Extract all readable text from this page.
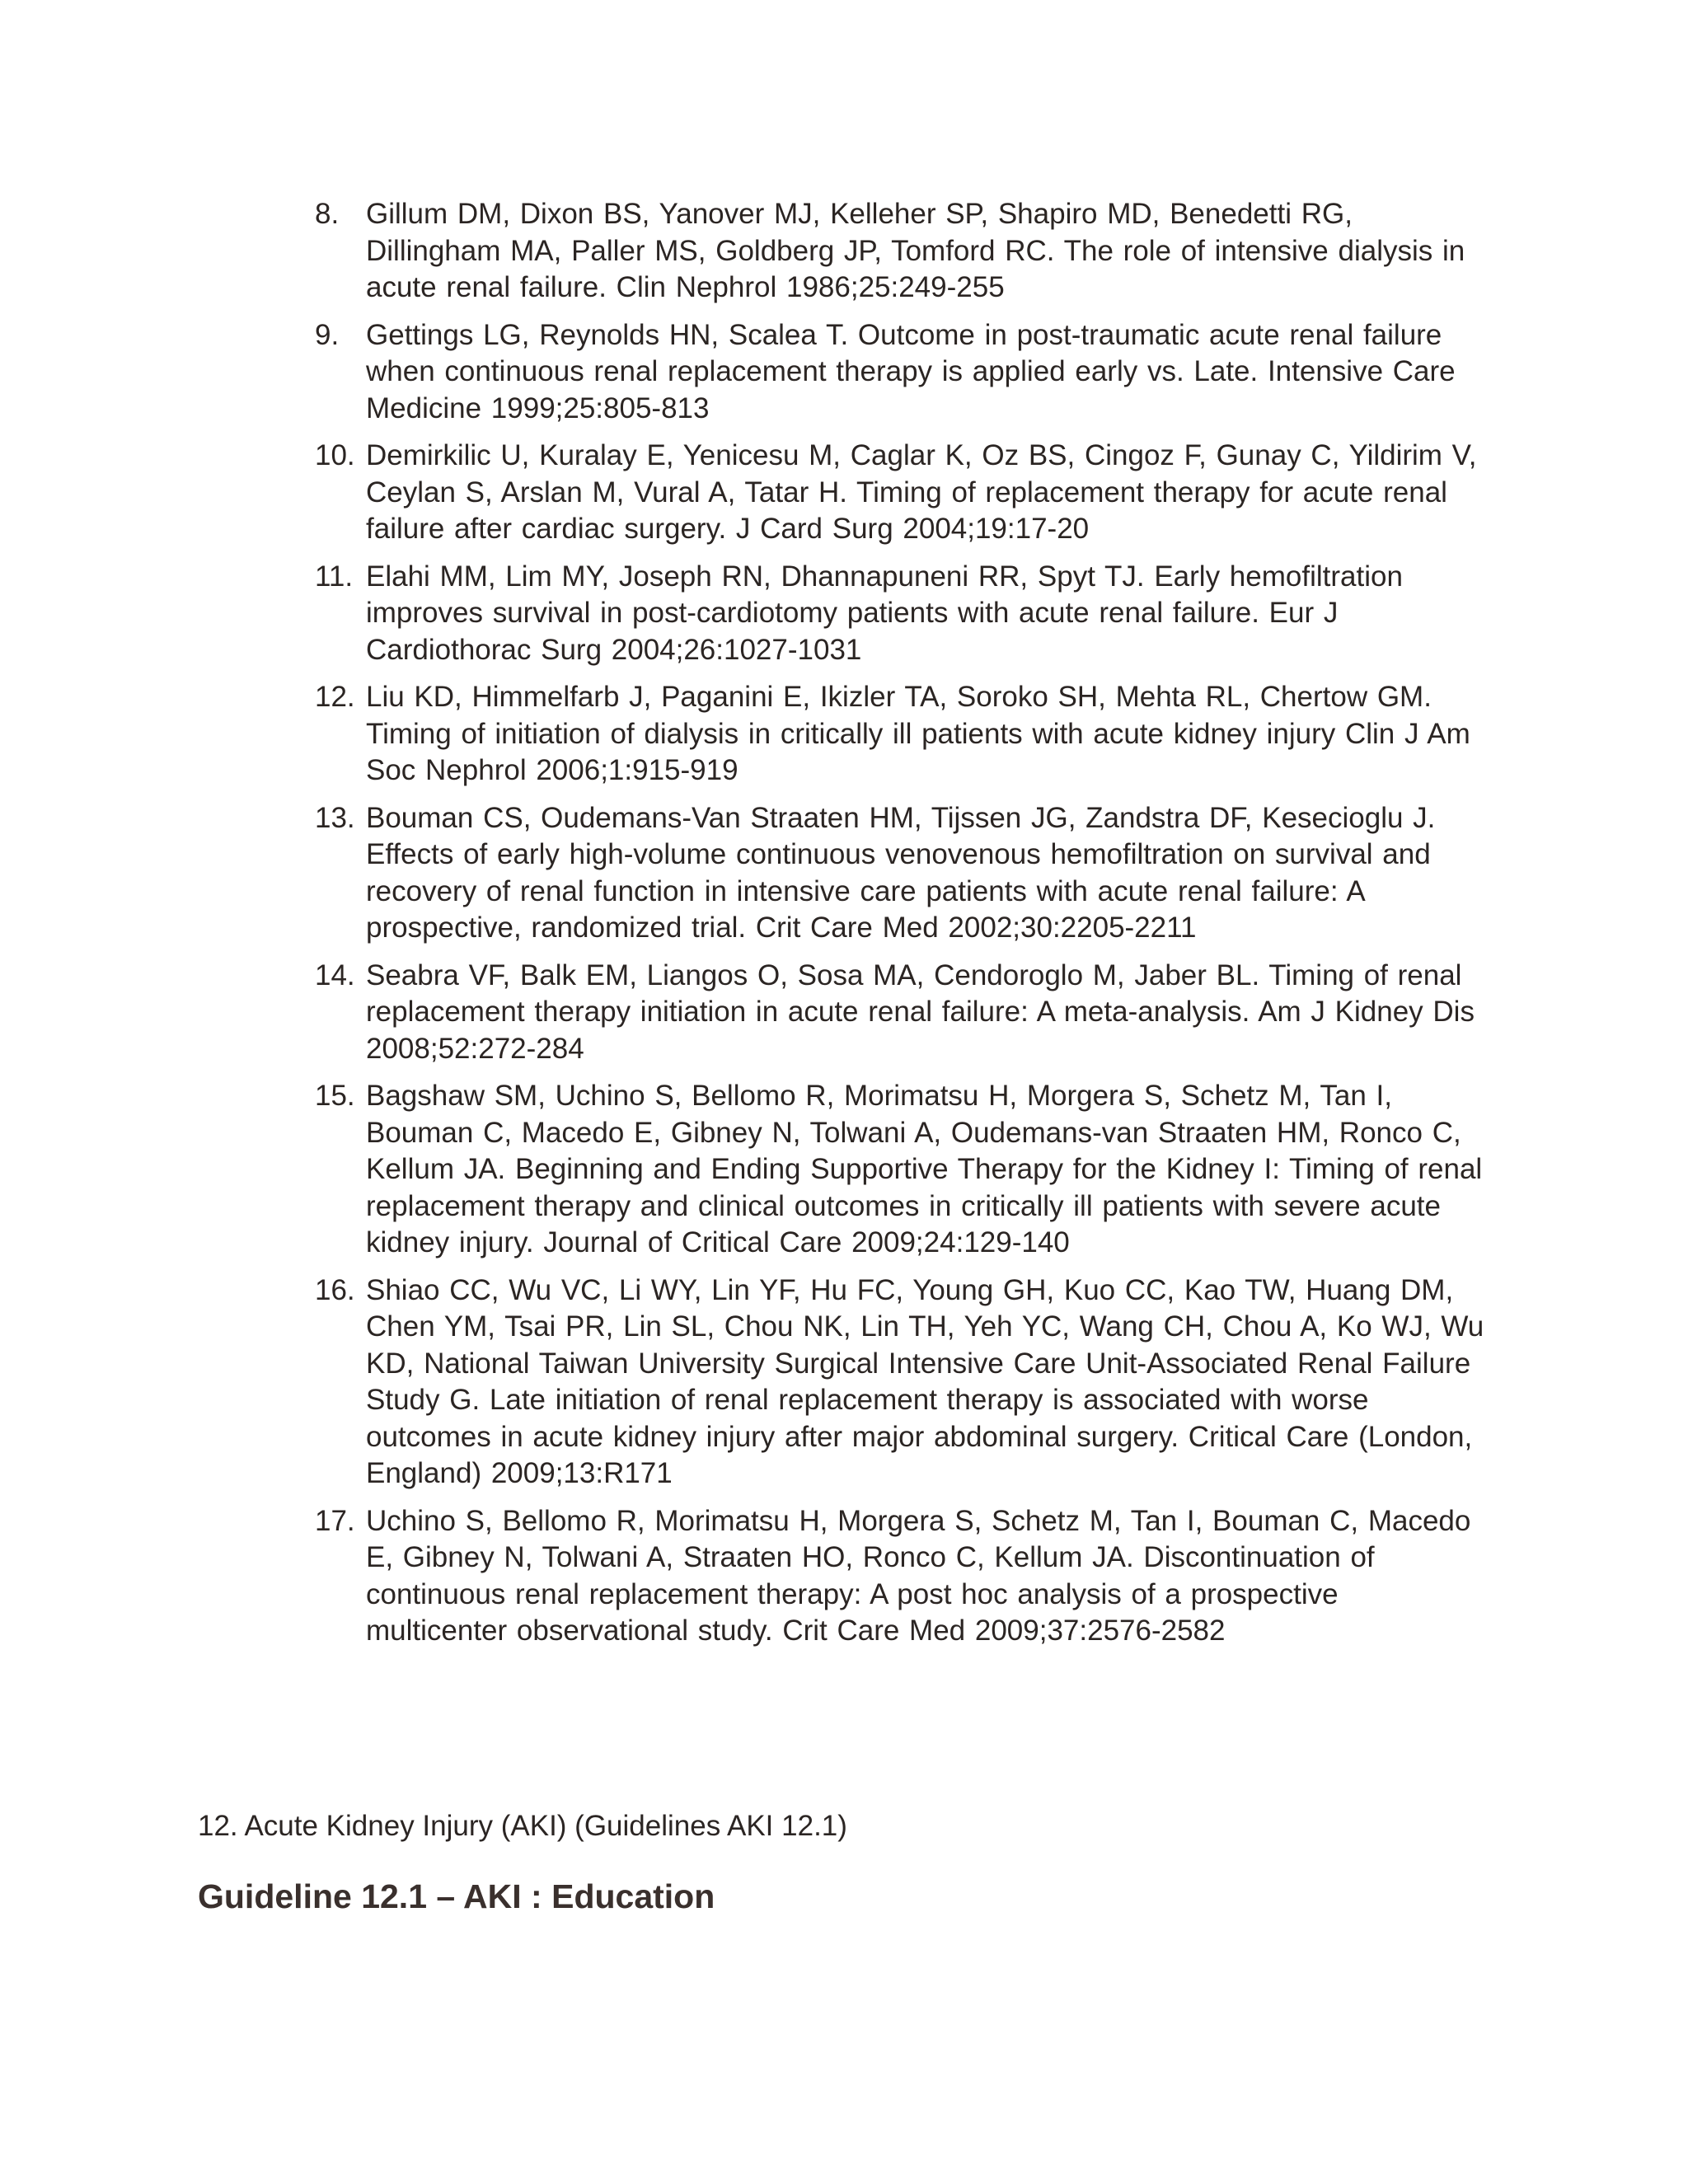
8. Gillum DM, Dixon BS, Yanover MJ, Kelleher SP, Shapiro MD, Benedetti RG, Dillingham MA, Paller MS, Goldberg JP, Tomford RC. The role of intensive dialysis in acute renal failure. Clin Nephrol 1986;25:249-255
9. Gettings LG, Reynolds HN, Scalea T. Outcome in post-traumatic acute renal failure when continuous renal replacement therapy is applied early vs. Late. Intensive Care Medicine 1999;25:805-813
10. Demirkilic U, Kuralay E, Yenicesu M, Caglar K, Oz BS, Cingoz F, Gunay C, Yildirim V, Ceylan S, Arslan M, Vural A, Tatar H. Timing of replacement therapy for acute renal failure after cardiac surgery. J Card Surg 2004;19:17-20
11. Elahi MM, Lim MY, Joseph RN, Dhannapuneni RR, Spyt TJ. Early hemofiltration improves survival in post-cardiotomy patients with acute renal failure. Eur J Cardiothorac Surg 2004;26:1027-1031
12. Liu KD, Himmelfarb J, Paganini E, Ikizler TA, Soroko SH, Mehta RL, Chertow GM. Timing of initiation of dialysis in critically ill patients with acute kidney injury Clin J Am Soc Nephrol 2006;1:915-919
13. Bouman CS, Oudemans-Van Straaten HM, Tijssen JG, Zandstra DF, Kesecioglu J. Effects of early high-volume continuous venovenous hemofiltration on survival and recovery of renal function in intensive care patients with acute renal failure: A prospective, randomized trial. Crit Care Med 2002;30:2205-2211
14. Seabra VF, Balk EM, Liangos O, Sosa MA, Cendoroglo M, Jaber BL. Timing of renal replacement therapy initiation in acute renal failure: A meta-analysis. Am J Kidney Dis 2008;52:272-284
15. Bagshaw SM, Uchino S, Bellomo R, Morimatsu H, Morgera S, Schetz M, Tan I, Bouman C, Macedo E, Gibney N, Tolwani A, Oudemans-van Straaten HM, Ronco C, Kellum JA. Beginning and Ending Supportive Therapy for the Kidney I: Timing of renal replacement therapy and clinical outcomes in critically ill patients with severe acute kidney injury. Journal of Critical Care 2009;24:129-140
16. Shiao CC, Wu VC, Li WY, Lin YF, Hu FC, Young GH, Kuo CC, Kao TW, Huang DM, Chen YM, Tsai PR, Lin SL, Chou NK, Lin TH, Yeh YC, Wang CH, Chou A, Ko WJ, Wu KD, National Taiwan University Surgical Intensive Care Unit-Associated Renal Failure Study G. Late initiation of renal replacement therapy is associated with worse outcomes in acute kidney injury after major abdominal surgery. Critical Care (London, England) 2009;13:R171
17. Uchino S, Bellomo R, Morimatsu H, Morgera S, Schetz M, Tan I, Bouman C, Macedo E, Gibney N, Tolwani A, Straaten HO, Ronco C, Kellum JA. Discontinuation of continuous renal replacement therapy: A post hoc analysis of a prospective multicenter observational study. Crit Care Med 2009;37:2576-2582
12. Acute Kidney Injury (AKI) (Guidelines AKI 12.1)
Guideline 12.1 – AKI : Education
